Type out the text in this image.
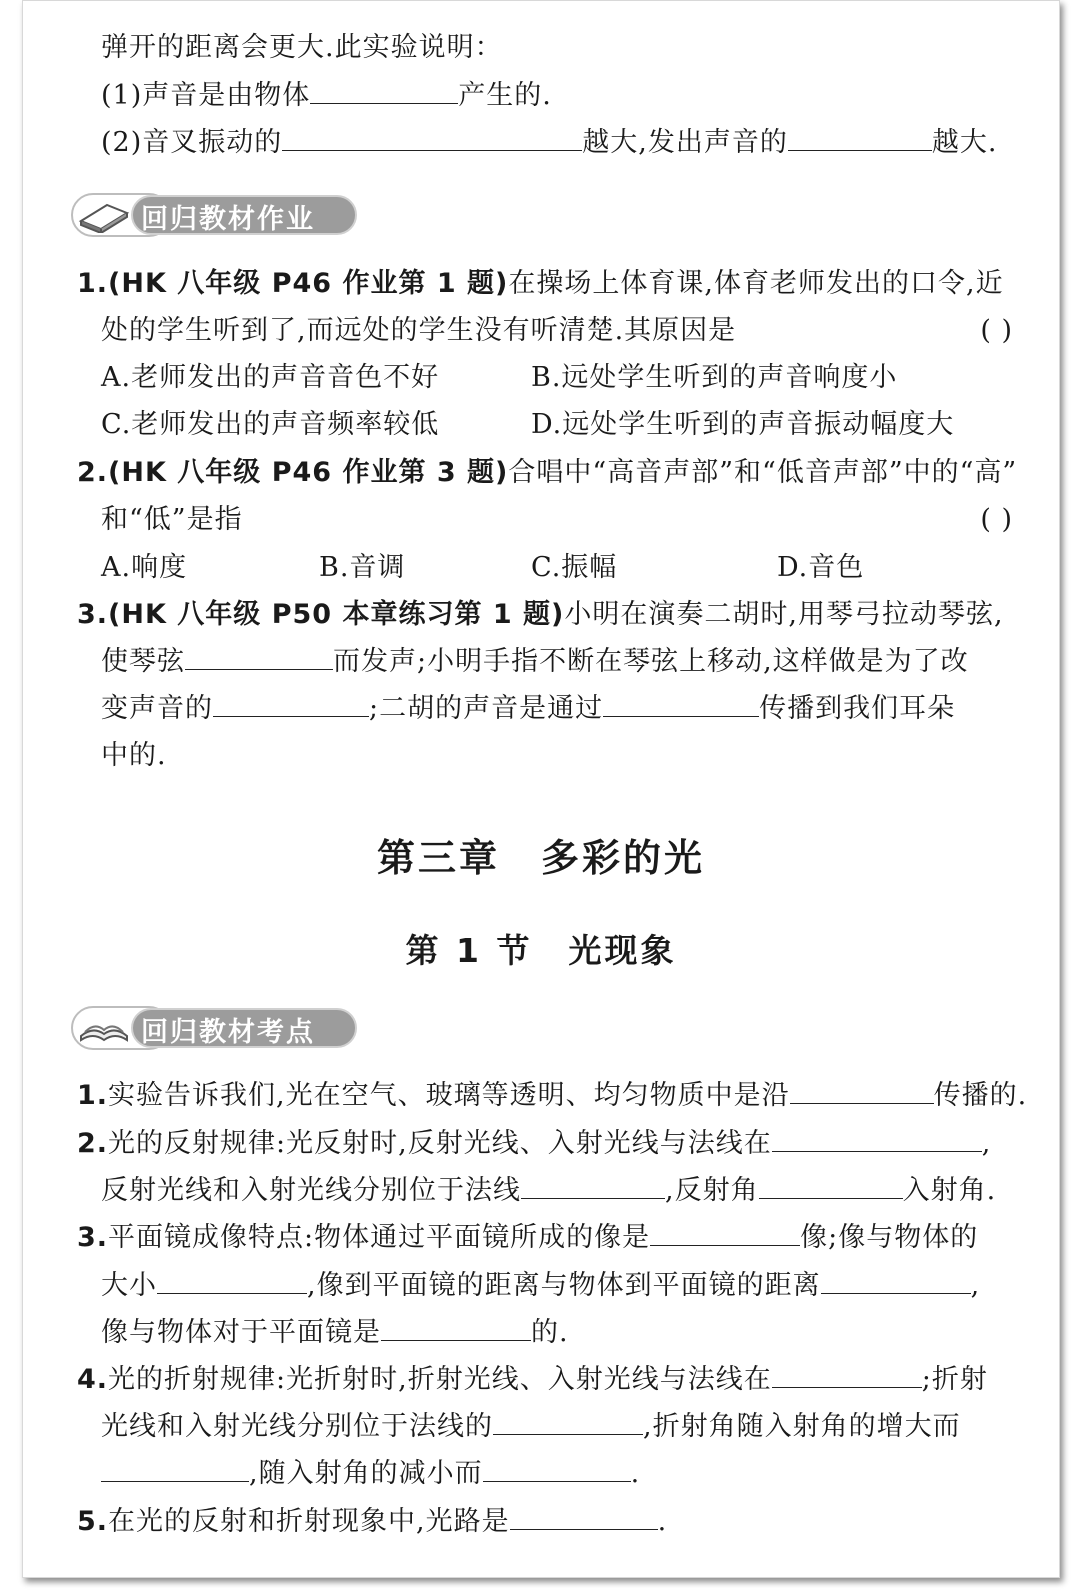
弹开的距离会更大.此实验说明：
(1)声音是由物体	产生的.
(2)音叉振动的	越大,发出声音的	越大.
回归教材作业
1.(HK 八年级 P46 作业第 1 题)在操场上体育课,体育老师发出的口令,近
处的学生听到了,而远处的学生没有听清楚.其原因是	( )
A.老师发出的声音音色不好	B.远处学生听到的声音响度小
C.老师发出的声音频率较低	D.远处学生听到的声音振动幅度大
2.(HK 八年级 P46 作业第 3 题)合唱中“高音声部”和“低音声部”中的“高”
和“低”是指	( )
A.响度	B.音调	C.振幅	D.音色
3.(HK 八年级 P50 本章练习第 1 题)小明在演奏二胡时,用琴弓拉动琴弦,
使琴弦	而发声;小明手指不断在琴弦上移动,这样做是为了改
变声音的	;二胡的声音是通过	传播到我们耳朵
中的.
第三章　多彩的光
第 1 节　光现象
回归教材考点
1.实验告诉我们,光在空气、玻璃等透明、均匀物质中是沿	传播的.
2.光的反射规律:光反射时,反射光线、入射光线与法线在	,
反射光线和入射光线分别位于法线	,反射角	入射角.
3.平面镜成像特点:物体通过平面镜所成的像是	像;像与物体的
大小	,像到平面镜的距离与物体到平面镜的距离	,
像与物体对于平面镜是	的.
4.光的折射规律:光折射时,折射光线、入射光线与法线在	;折射
光线和入射光线分别位于法线的	,折射角随入射角的增大而
,随入射角的减小而	.
5.在光的反射和折射现象中,光路是	.
